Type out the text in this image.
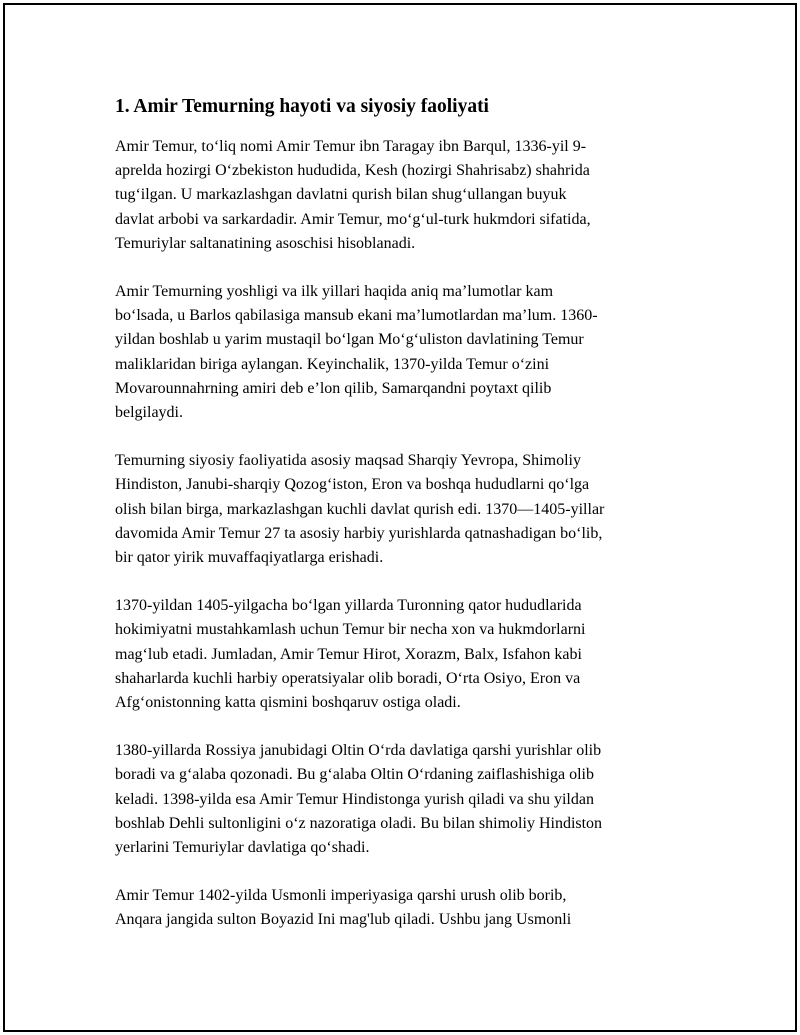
1. Amir Temurning hayoti va siyosiy faoliyati

Amir Temur, to‘liq nomi Amir Temur ibn Taragay ibn Barqul, 1336-yil 9-
aprelda hozirgi O‘zbekiston hududida, Kesh (hozirgi Shahrisabz) shahrida
tug‘ilgan. U markazlashgan davlatni qurish bilan shug‘ullangan buyuk
davlat arbobi va sarkardadir. Amir Temur, mo‘g‘ul-turk hukmdori sifatida,
Temuriylar saltanatining asoschisi hisoblanadi.

Amir Temurning yoshligi va ilk yillari haqida aniq ma’lumotlar kam
bo‘lsada, u Barlos qabilasiga mansub ekani ma’lumotlardan ma’lum. 1360-
yildan boshlab u yarim mustaqil bo‘lgan Mo‘g‘uliston davlatining Temur
maliklaridan biriga aylangan. Keyinchalik, 1370-yilda Temur o‘zini
Movarounnahrning amiri deb e’lon qilib, Samarqandni poytaxt qilib
belgilaydi.

Temurning siyosiy faoliyatida asosiy maqsad Sharqiy Yevropa, Shimoliy
Hindiston, Janubi-sharqiy Qozog‘iston, Eron va boshqa hududlarni qo‘lga
olish bilan birga, markazlashgan kuchli davlat qurish edi. 1370—1405-yillar
davomida Amir Temur 27 ta asosiy harbiy yurishlarda qatnashadigan bo‘lib,
bir qator yirik muvaffaqiyatlarga erishadi.

1370-yildan 1405-yilgacha bo‘lgan yillarda Turonning qator hududlarida
hokimiyatni mustahkamlash uchun Temur bir necha xon va hukmdorlarni
mag‘lub etadi. Jumladan, Amir Temur Hirot, Xorazm, Balx, Isfahon kabi
shaharlarda kuchli harbiy operatsiyalar olib boradi, O‘rta Osiyo, Eron va
Afg‘onistonning katta qismini boshqaruv ostiga oladi.

1380-yillarda Rossiya janubidagi Oltin O‘rda davlatiga qarshi yurishlar olib
boradi va g‘alaba qozonadi. Bu g‘alaba Oltin O‘rdaning zaiflashishiga olib
keladi. 1398-yilda esa Amir Temur Hindistonga yurish qiladi va shu yildan
boshlab Dehli sultonligini o‘z nazoratiga oladi. Bu bilan shimoliy Hindiston
yerlarini Temuriylar davlatiga qo‘shadi.

Amir Temur 1402-yilda Usmonli imperiyasiga qarshi urush olib borib,
Anqara jangida sulton Boyazid Ini mag'lub qiladi. Ushbu jang Usmonli
